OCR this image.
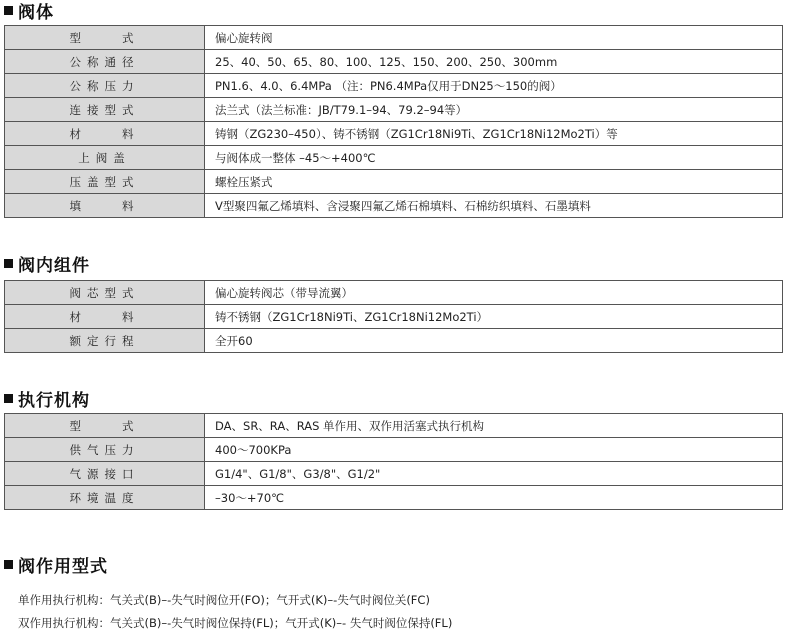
阀体
型　　式	偏心旋转阀
公称通径	25、40、50、65、80、100、125、150、200、250、300mm
公称压力	PN1.6、4.0、6.4MPa （注：PN6.4MPa仅用于DN25～150的阀）
连接型式	法兰式（法兰标准：JB/T79.1–94、79.2–94等）
材　　料	铸钢（ZG230–450）、铸不锈钢（ZG1Cr18Ni9Ti、ZG1Cr18Ni12Mo2Ti）等
上阀盖	与阀体成一整体 –45～+400℃
压盖型式	螺栓压紧式
填　　料	V型聚四氟乙烯填料、含浸聚四氟乙烯石棉填料、石棉纺织填料、石墨填料
阀内组件
阀芯型式	偏心旋转阀芯（带导流翼）
材　　料	铸不锈钢（ZG1Cr18Ni9Ti、ZG1Cr18Ni12Mo2Ti）
额定行程	全开60
执行机构
型　　式	DA、SR、RA、RAS 单作用、双作用活塞式执行机构
供气压力	400～700KPa
气源接口	G1/4"、G1/8"、G3/8"、G1/2"
环境温度	–30～+70℃
阀作用型式
单作用执行机构：气关式(B)–-失气时阀位开(FO)；气开式(K)–-失气时阀位关(FC)
双作用执行机构：气关式(B)–-失气时阀位保持(FL)；气开式(K)–- 失气时阀位保持(FL)
